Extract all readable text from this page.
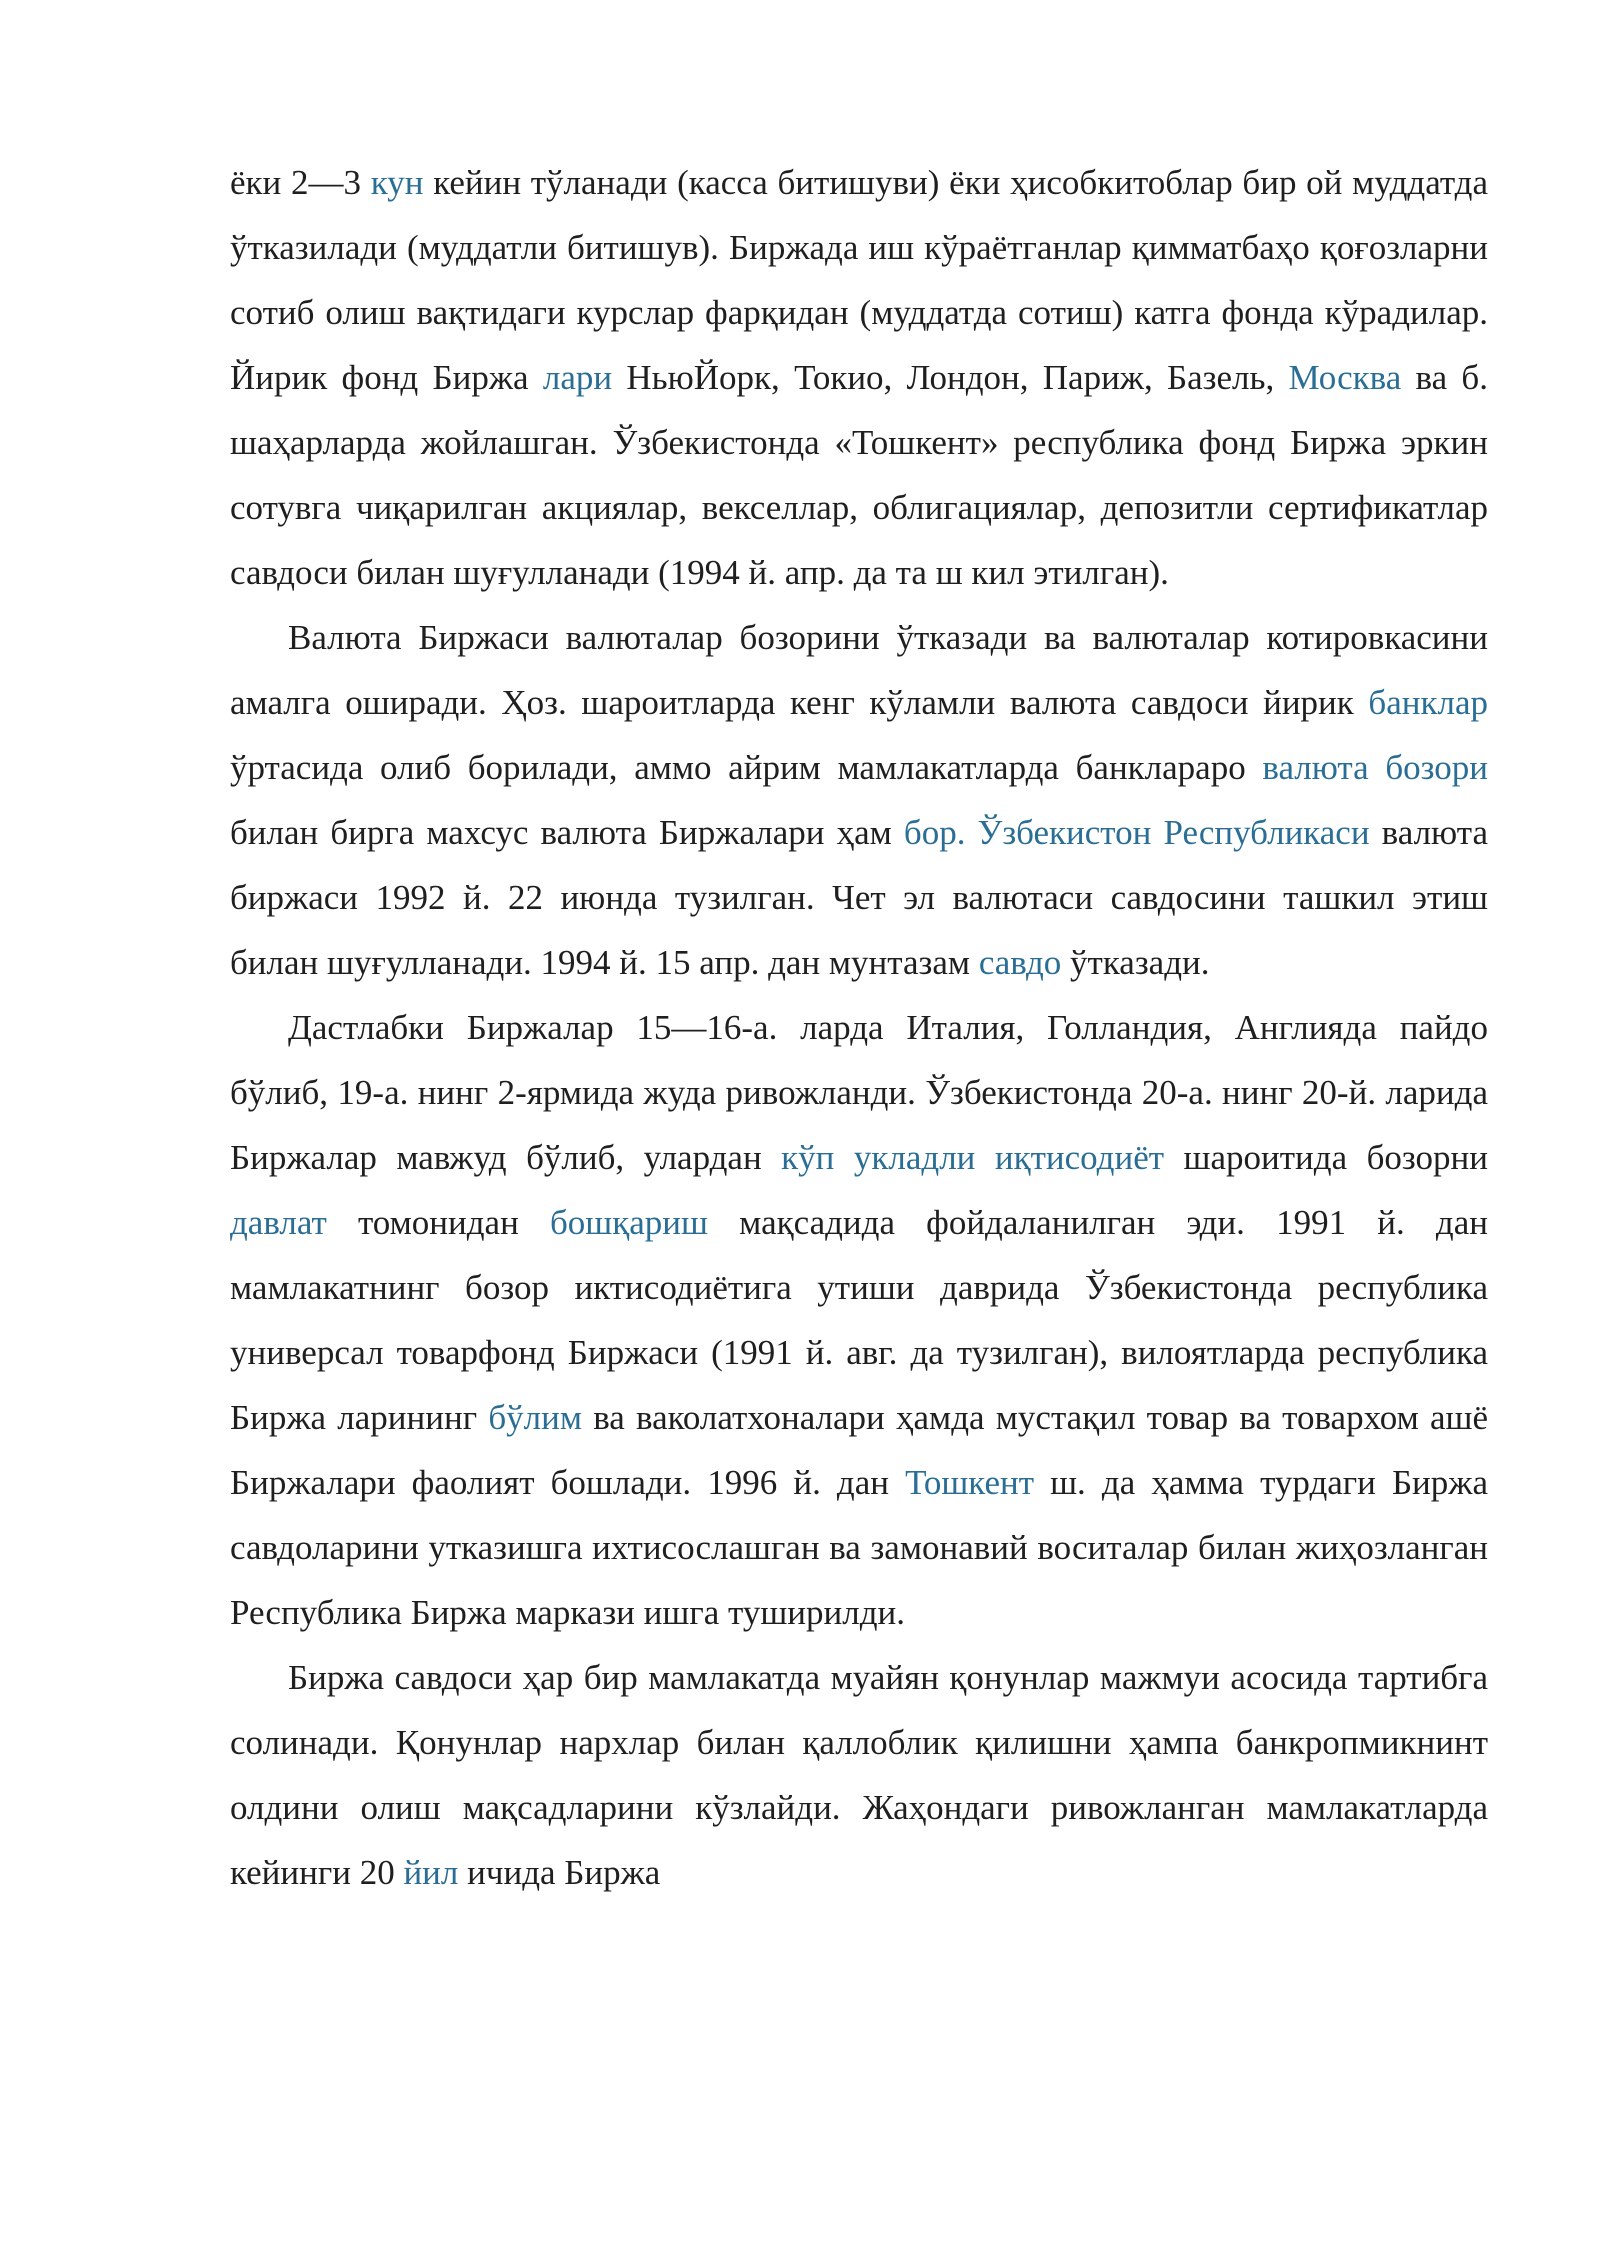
ёки 2—3 кун кейин тўланади (касса битишуви) ёки ҳисобкитоблар бир ой муддатда ўтказилади (муддатли битишув). Биржада иш кўраётганлар қимматбаҳо қоғозларни сотиб олиш вақтидаги курслар фарқидан (муддатда сотиш) катга фонда кўрадилар. Йирик фонд Биржа лари НьюЙорк, Токио, Лондон, Париж, Базель, Москва ва б. шаҳарларда жойлашган. Ўзбекистонда «Тошкент» республика фонд Биржа эркин сотувга чиқарилган акциялар, векселлар, облигациялар, депозитли сертификатлар савдоси билан шуғулланади (1994 й. апр. да та ш кил этилган).

Валюта Биржаси валюталар бозорини ўтказади ва валюталар котировкасини амалга оширади. Ҳоз. шароитларда кенг кўламли валюта савдоси йирик банклар ўртасида олиб борилади, аммо айрим мамлакатларда банклараро валюта бозори билан бирга махсус валюта Биржалари ҳам бор. Ўзбекистон Республикаси валюта биржаси 1992 й. 22 июнда тузилган. Чет эл валютаси савдосини ташкил этиш билан шуғулланади. 1994 й. 15 апр. дан мунтазам савдо ўтказади.

Дастлабки Биржалар 15—16-а. ларда Италия, Голландия, Англияда пайдо бўлиб, 19-а. нинг 2-ярмида жуда ривожланди. Ўзбекистонда 20-а. нинг 20-й. ларида Биржалар мавжуд бўлиб, улардан кўп укладли иқтисодиёт шароитида бозорни давлат томонидан бошқариш мақсадида фойдаланилган эди. 1991 й. дан мамлакатнинг бозор иктисодиётига утиши даврида Ўзбекистонда республика универсал товарфонд Биржаси (1991 й. авг. да тузилган), вилоятларда республика Биржа ларининг бўлим ва ваколатхоналари ҳамда мустақил товар ва товархом ашё Биржалари фаолият бошлади. 1996 й. дан Тошкент ш. да ҳамма турдаги Биржа савдоларини утказишга ихтисослашган ва замонавий воситалар билан жиҳозланган Республика Биржа маркази ишга туширилди.

Биржа савдоси ҳар бир мамлакатда муайян қонунлар мажмуи асосида тартибга солинади. Қонунлар нархлар билан қаллоблик қилишни ҳампа банкропмикнинт олдини олиш мақсадларини кўзлайди. Жаҳондаги ривожланган мамлакатларда кейинги 20 йил ичида Биржа
